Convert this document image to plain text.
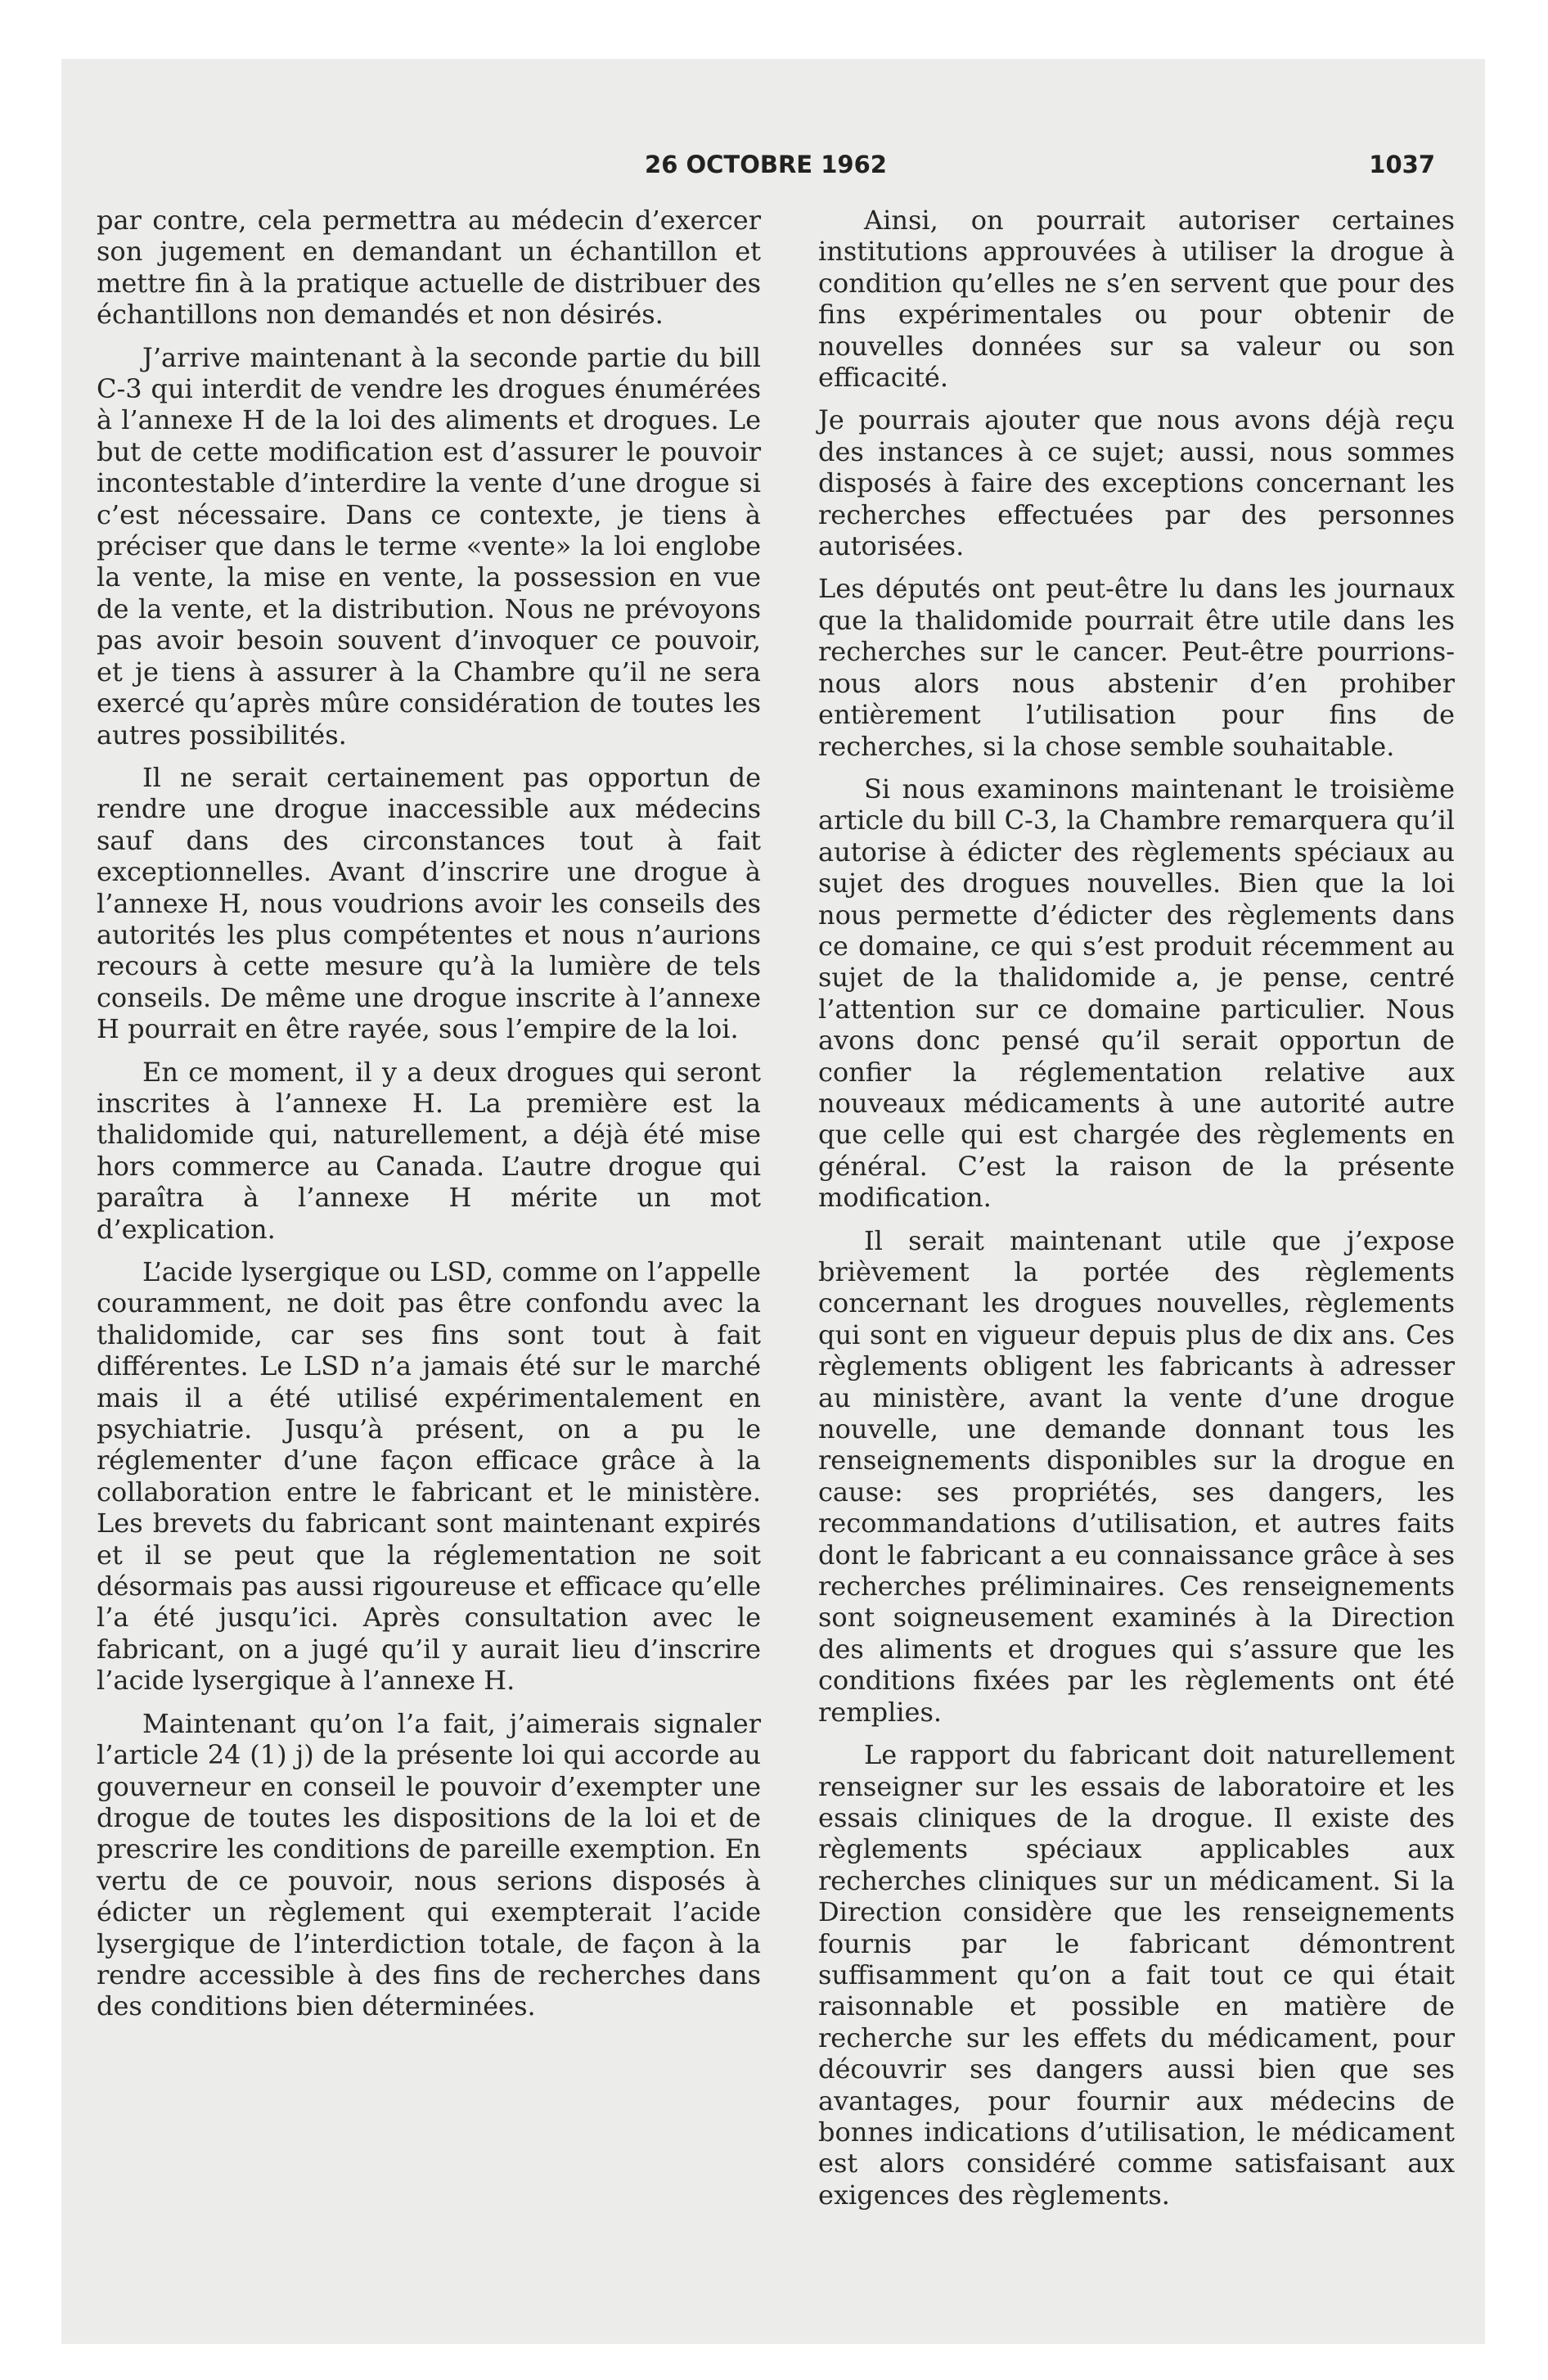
26 OCTOBRE 1962	1037

par contre, cela permettra au médecin d’exercer son jugement en demandant un échantillon et mettre fin à la pratique actuelle de distribuer des échantillons non demandés et non désirés.

J’arrive maintenant à la seconde partie du bill C-3 qui interdit de vendre les drogues énumérées à l’annexe H de la loi des aliments et drogues. Le but de cette modification est d’assurer le pouvoir incontestable d’interdire la vente d’une drogue si c’est nécessaire. Dans ce contexte, je tiens à préciser que dans le terme «vente» la loi englobe la vente, la mise en vente, la possession en vue de la vente, et la distribution. Nous ne prévoyons pas avoir besoin souvent d’invoquer ce pouvoir, et je tiens à assurer à la Chambre qu’il ne sera exercé qu’après mûre considération de toutes les autres possibilités.

Il ne serait certainement pas opportun de rendre une drogue inaccessible aux médecins sauf dans des circonstances tout à fait exceptionnelles. Avant d’inscrire une drogue à l’annexe H, nous voudrions avoir les conseils des autorités les plus compétentes et nous n’aurions recours à cette mesure qu’à la lumière de tels conseils. De même une drogue inscrite à l’annexe H pourrait en être rayée, sous l’empire de la loi.

En ce moment, il y a deux drogues qui seront inscrites à l’annexe H. La première est la thalidomide qui, naturellement, a déjà été mise hors commerce au Canada. L’autre drogue qui paraîtra à l’annexe H mérite un mot d’explication.

L’acide lysergique ou LSD, comme on l’appelle couramment, ne doit pas être confondu avec la thalidomide, car ses fins sont tout à fait différentes. Le LSD n’a jamais été sur le marché mais il a été utilisé expérimentalement en psychiatrie. Jusqu’à présent, on a pu le réglementer d’une façon efficace grâce à la collaboration entre le fabricant et le ministère. Les brevets du fabricant sont maintenant expirés et il se peut que la réglementation ne soit désormais pas aussi rigoureuse et efficace qu’elle l’a été jusqu’ici. Après consultation avec le fabricant, on a jugé qu’il y aurait lieu d’inscrire l’acide lysergique à l’annexe H.

Maintenant qu’on l’a fait, j’aimerais signaler l’article 24 (1) j) de la présente loi qui accorde au gouverneur en conseil le pouvoir d’exempter une drogue de toutes les dispositions de la loi et de prescrire les conditions de pareille exemption. En vertu de ce pouvoir, nous serions disposés à édicter un règlement qui exempterait l’acide lysergique de l’interdiction totale, de façon à la rendre accessible à des fins de recherches dans des conditions bien déterminées.

Ainsi, on pourrait autoriser certaines institutions approuvées à utiliser la drogue à condition qu’elles ne s’en servent que pour des fins expérimentales ou pour obtenir de nouvelles données sur sa valeur ou son efficacité.

Je pourrais ajouter que nous avons déjà reçu des instances à ce sujet; aussi, nous sommes disposés à faire des exceptions concernant les recherches effectuées par des personnes autorisées.

Les députés ont peut-être lu dans les journaux que la thalidomide pourrait être utile dans les recherches sur le cancer. Peut-être pourrions-nous alors nous abstenir d’en prohiber entièrement l’utilisation pour fins de recherches, si la chose semble souhaitable.

Si nous examinons maintenant le troisième article du bill C-3, la Chambre remarquera qu’il autorise à édicter des règlements spéciaux au sujet des drogues nouvelles. Bien que la loi nous permette d’édicter des règlements dans ce domaine, ce qui s’est produit récemment au sujet de la thalidomide a, je pense, centré l’attention sur ce domaine particulier. Nous avons donc pensé qu’il serait opportun de confier la réglementation relative aux nouveaux médicaments à une autorité autre que celle qui est chargée des règlements en général. C’est la raison de la présente modification.

Il serait maintenant utile que j’expose brièvement la portée des règlements concernant les drogues nouvelles, règlements qui sont en vigueur depuis plus de dix ans. Ces règlements obligent les fabricants à adresser au ministère, avant la vente d’une drogue nouvelle, une demande donnant tous les renseignements disponibles sur la drogue en cause: ses propriétés, ses dangers, les recommandations d’utilisation, et autres faits dont le fabricant a eu connaissance grâce à ses recherches préliminaires. Ces renseignements sont soigneusement examinés à la Direction des aliments et drogues qui s’assure que les conditions fixées par les règlements ont été remplies.

Le rapport du fabricant doit naturellement renseigner sur les essais de laboratoire et les essais cliniques de la drogue. Il existe des règlements spéciaux applicables aux recherches cliniques sur un médicament. Si la Direction considère que les renseignements fournis par le fabricant démontrent suffisamment qu’on a fait tout ce qui était raisonnable et possible en matière de recherche sur les effets du médicament, pour découvrir ses dangers aussi bien que ses avantages, pour fournir aux médecins de bonnes indications d’utilisation, le médicament est alors considéré comme satisfaisant aux exigences des règlements.
